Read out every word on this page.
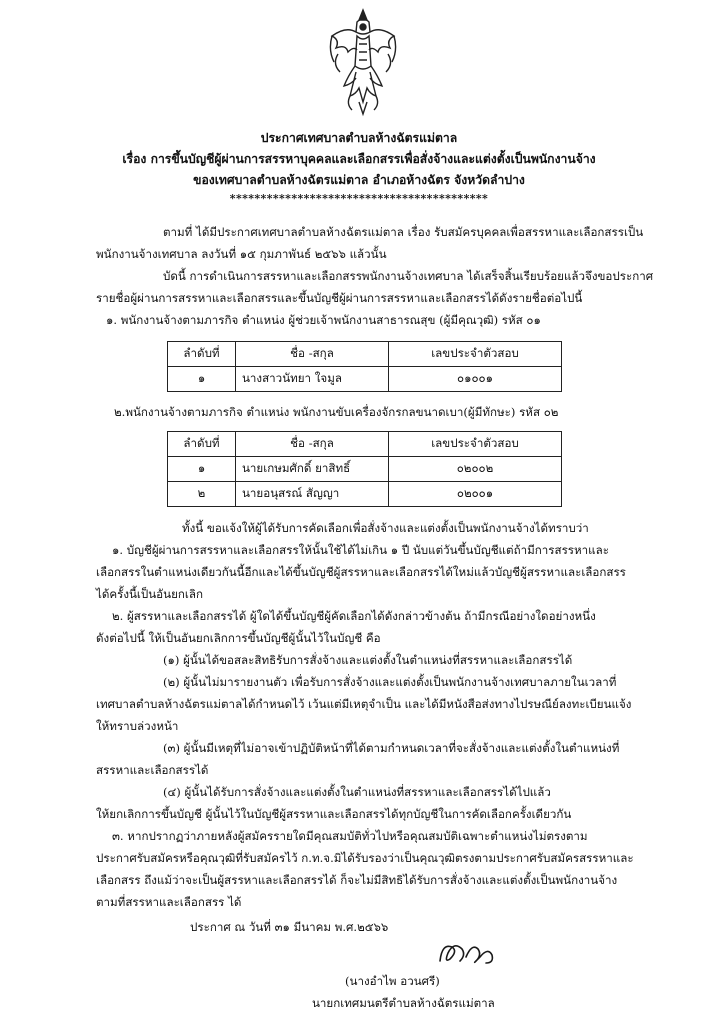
ประกาศเทศบาลตำบลห้างฉัตรแม่ตาล
เรื่อง การขึ้นบัญชีผู้ผ่านการสรรหาบุคคลและเลือกสรรเพื่อสั่งจ้างและแต่งตั้งเป็นพนักงานจ้าง
ของเทศบาลตำบลห้างฉัตรแม่ตาล อำเภอห้างฉัตร จังหวัดลำปาง
******************************************
ตามที่ ได้มีประกาศเทศบาลตำบลห้างฉัตรแม่ตาล เรื่อง รับสมัครบุคคลเพื่อสรรหาและเลือกสรรเป็น
พนักงานจ้างเทศบาล ลงวันที่ ๑๕ กุมภาพันธ์ ๒๕๖๖ แล้วนั้น
บัดนี้ การดำเนินการสรรหาและเลือกสรรพนักงานจ้างเทศบาล ได้เสร็จสิ้นเรียบร้อยแล้วจึงขอประกาศ
รายชื่อผู้ผ่านการสรรหาและเลือกสรรและขึ้นบัญชีผู้ผ่านการสรรหาและเลือกสรรได้ดังรายชื่อต่อไปนี้
๑. พนักงานจ้างตามภารกิจ ตำแหน่ง ผู้ช่วยเจ้าพนักงานสาธารณสุข (ผู้มีคุณวุฒิ) รหัส ๐๑
ลำดับที่	ชื่อ -สกุล	เลขประจำตัวสอบ
๑	นางสาวนัทยา ใจมูล	๐๑๐๐๑
๒.พนักงานจ้างตามภารกิจ ตำแหน่ง พนักงานขับเครื่องจักรกลขนาดเบา(ผู้มีทักษะ) รหัส ๐๒
ลำดับที่	ชื่อ -สกุล	เลขประจำตัวสอบ
๑	นายเกษมศักดิ์ ยาสิทธิ์	๐๒๐๐๒
๒	นายอนุสรณ์ สัญญา	๐๒๐๐๑
ทั้งนี้ ขอแจ้งให้ผู้ได้รับการคัดเลือกเพื่อสั่งจ้างและแต่งตั้งเป็นพนักงานจ้างได้ทราบว่า
๑. บัญชีผู้ผ่านการสรรหาและเลือกสรรให้นั้นใช้ได้ไม่เกิน ๑ ปี นับแต่วันขึ้นบัญชีแต่ถ้ามีการสรรหาและ
เลือกสรรในตำแหน่งเดียวกันนี้อีกและได้ขึ้นบัญชีผู้สรรหาและเลือกสรรได้ใหม่แล้วบัญชีผู้สรรหาและเลือกสรร
ได้ครั้งนี้เป็นอันยกเลิก
๒. ผู้สรรหาและเลือกสรรได้ ผู้ใดได้ขึ้นบัญชีผู้คัดเลือกได้ดังกล่าวข้างต้น ถ้ามีกรณีอย่างใดอย่างหนึ่ง
ดังต่อไปนี้ ให้เป็นอันยกเลิกการขึ้นบัญชีผู้นั้นไว้ในบัญชี คือ
(๑) ผู้นั้นได้ขอสละสิทธิรับการสั่งจ้างและแต่งตั้งในตำแหน่งที่สรรหาและเลือกสรรได้
(๒) ผู้นั้นไม่มารายงานตัว เพื่อรับการสั่งจ้างและแต่งตั้งเป็นพนักงานจ้างเทศบาลภายในเวลาที่
เทศบาลตำบลห้างฉัตรแม่ตาลได้กำหนดไว้ เว้นแต่มีเหตุจำเป็น และได้มีหนังสือส่งทางไปรษณีย์ลงทะเบียนแจ้ง
ให้ทราบล่วงหน้า
(๓) ผู้นั้นมีเหตุที่ไม่อาจเข้าปฏิบัติหน้าที่ได้ตามกำหนดเวลาที่จะสั่งจ้างและแต่งตั้งในตำแหน่งที่
สรรหาและเลือกสรรได้
(๔) ผู้นั้นได้รับการสั่งจ้างและแต่งตั้งในตำแหน่งที่สรรหาและเลือกสรรได้ไปแล้ว
ให้ยกเลิกการขึ้นบัญชี ผู้นั้นไว้ในบัญชีผู้สรรหาและเลือกสรรได้ทุกบัญชีในการคัดเลือกครั้งเดียวกัน
๓. หากปรากฏว่าภายหลังผู้สมัครรายใดมีคุณสมบัติทั่วไปหรือคุณสมบัติเฉพาะตำแหน่งไม่ตรงตาม
ประกาศรับสมัครหรือคุณวุฒิที่รับสมัครไว้ ก.ท.จ.มิได้รับรองว่าเป็นคุณวุฒิตรงตามประกาศรับสมัครสรรหาและ
เลือกสรร ถึงแม้ว่าจะเป็นผู้สรรหาและเลือกสรรได้ ก็จะไม่มีสิทธิได้รับการสั่งจ้างและแต่งตั้งเป็นพนักงานจ้าง
ตามที่สรรหาและเลือกสรร ได้
ประกาศ ณ วันที่ ๓๑ มีนาคม พ.ศ.๒๕๖๖
(นางอำไพ อวนศรี)
นายกเทศมนตรีตำบลห้างฉัตรแม่ตาล
